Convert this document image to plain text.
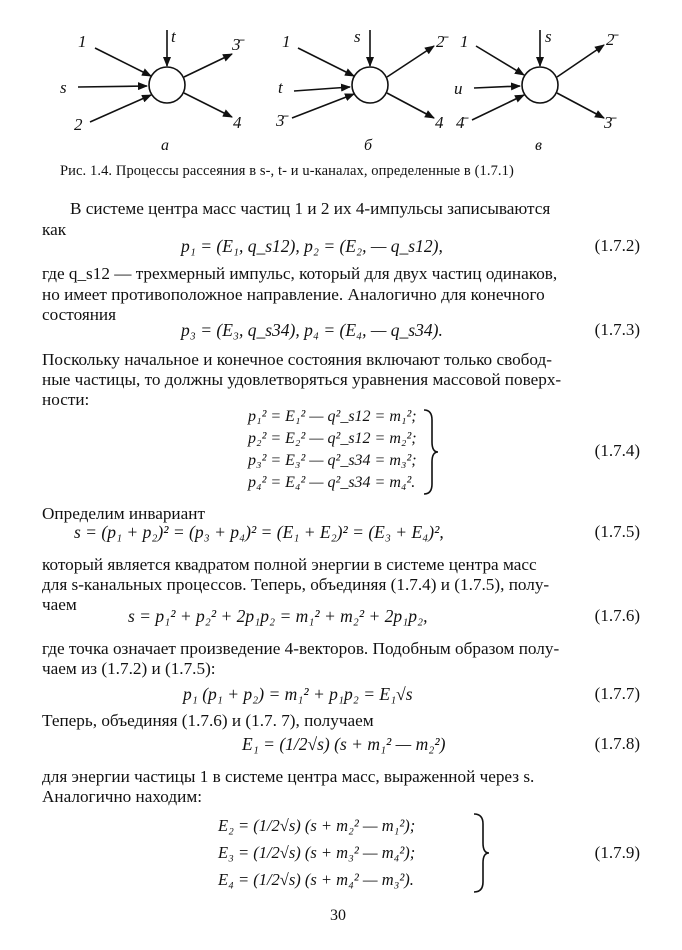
1
s
2
t	3̄
4
а
1
t
3̄
s	2̄
4
б
1
u
4̄
s	2̄
3̄
в
Рис. 1.4. Процессы рассеяния в s-, t- и u-каналах, определенные в (1.7.1)
В системе центра масс частиц 1 и 2 их 4-импульсы записываются
как
p₁ = (E₁, q_s12), p₂ = (E₂, — q_s12),	(1.7.2)
где q_s12 — трехмерный импульс, который для двух частиц одинаков,
но имеет противоположное направление. Аналогично для конечного
состояния
p₃ = (E₃, q_s34), p₄ = (E₄, — q_s34).	(1.7.3)
Поскольку начальное и конечное состояния включают только свобод-
ные частицы, то должны удовлетворяться уравнения массовой поверх-
ности:
p₁² = E₁² — q²_s12 = m₁²;
p₂² = E₂² — q²_s12 = m₂²;
p₃² = E₃² — q²_s34 = m₃²;
p₄² = E₄² — q²_s34 = m₄².
(1.7.4)
Определим инвариант
s = (p₁ + p₂)² = (p₃ + p₄)² = (E₁ + E₂)² = (E₃ + E₄)²,	(1.7.5)
который является квадратом полной энергии в системе центра масс
для s-канальных процессов. Теперь, объединяя (1.7.4) и (1.7.5), полу-
чаем
s = p₁² + p₂² + 2p₁p₂ = m₁² + m₂² + 2p₁p₂,	(1.7.6)
где точка означает произведение 4-векторов. Подобным образом полу-
чаем из (1.7.2) и (1.7.5):
p₁ (p₁ + p₂) = m₁² + p₁p₂ = E₁√s	(1.7.7)
Теперь, объединяя (1.7.6) и (1.7. 7), получаем
E₁ = (1/2√s) (s + m₁² — m₂²)	(1.7.8)
для энергии частицы 1 в системе центра масс, выраженной через s.
Аналогично находим:
E₂ = (1/2√s) (s + m₂² — m₁²);
E₃ = (1/2√s) (s + m₃² — m₄²);
E₄ = (1/2√s) (s + m₄² — m₃²).
(1.7.9)
30
